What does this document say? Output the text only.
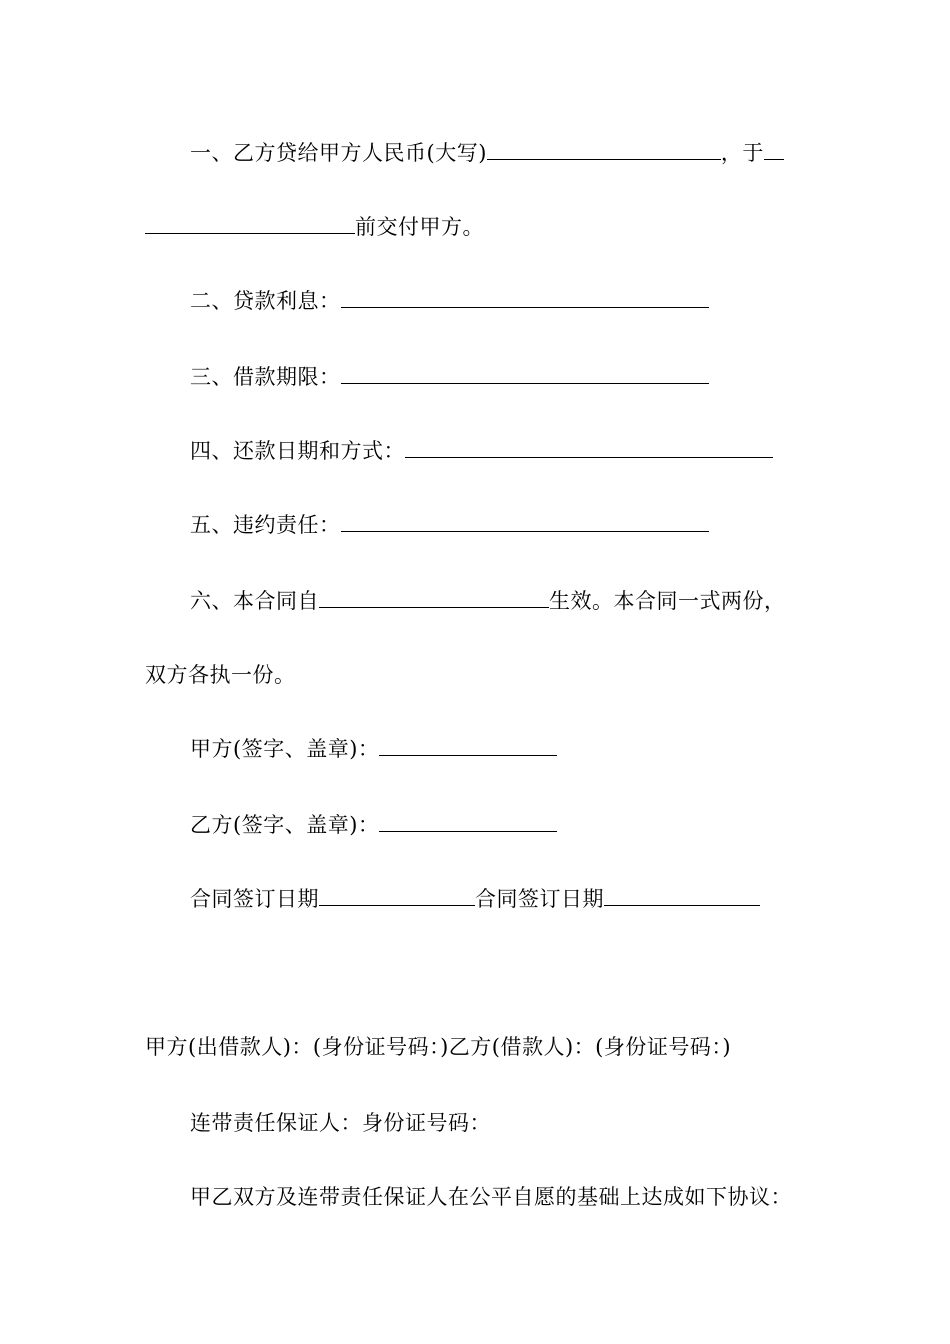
一、乙方贷给甲方人民币(大写)	，于
前交付甲方。
二、贷款利息：
三、借款期限：
四、还款日期和方式：
五、违约责任：
六、本合同自	生效。本合同一式两份，
双方各执一份。
甲方(签字、盖章)：
乙方(签字、盖章)：
合同签订日期	合同签订日期
甲方(出借款人)：(身份证号码：)乙方(借款人)：(身份证号码：)
连带责任保证人：身份证号码：
甲乙双方及连带责任保证人在公平自愿的基础上达成如下协议：
